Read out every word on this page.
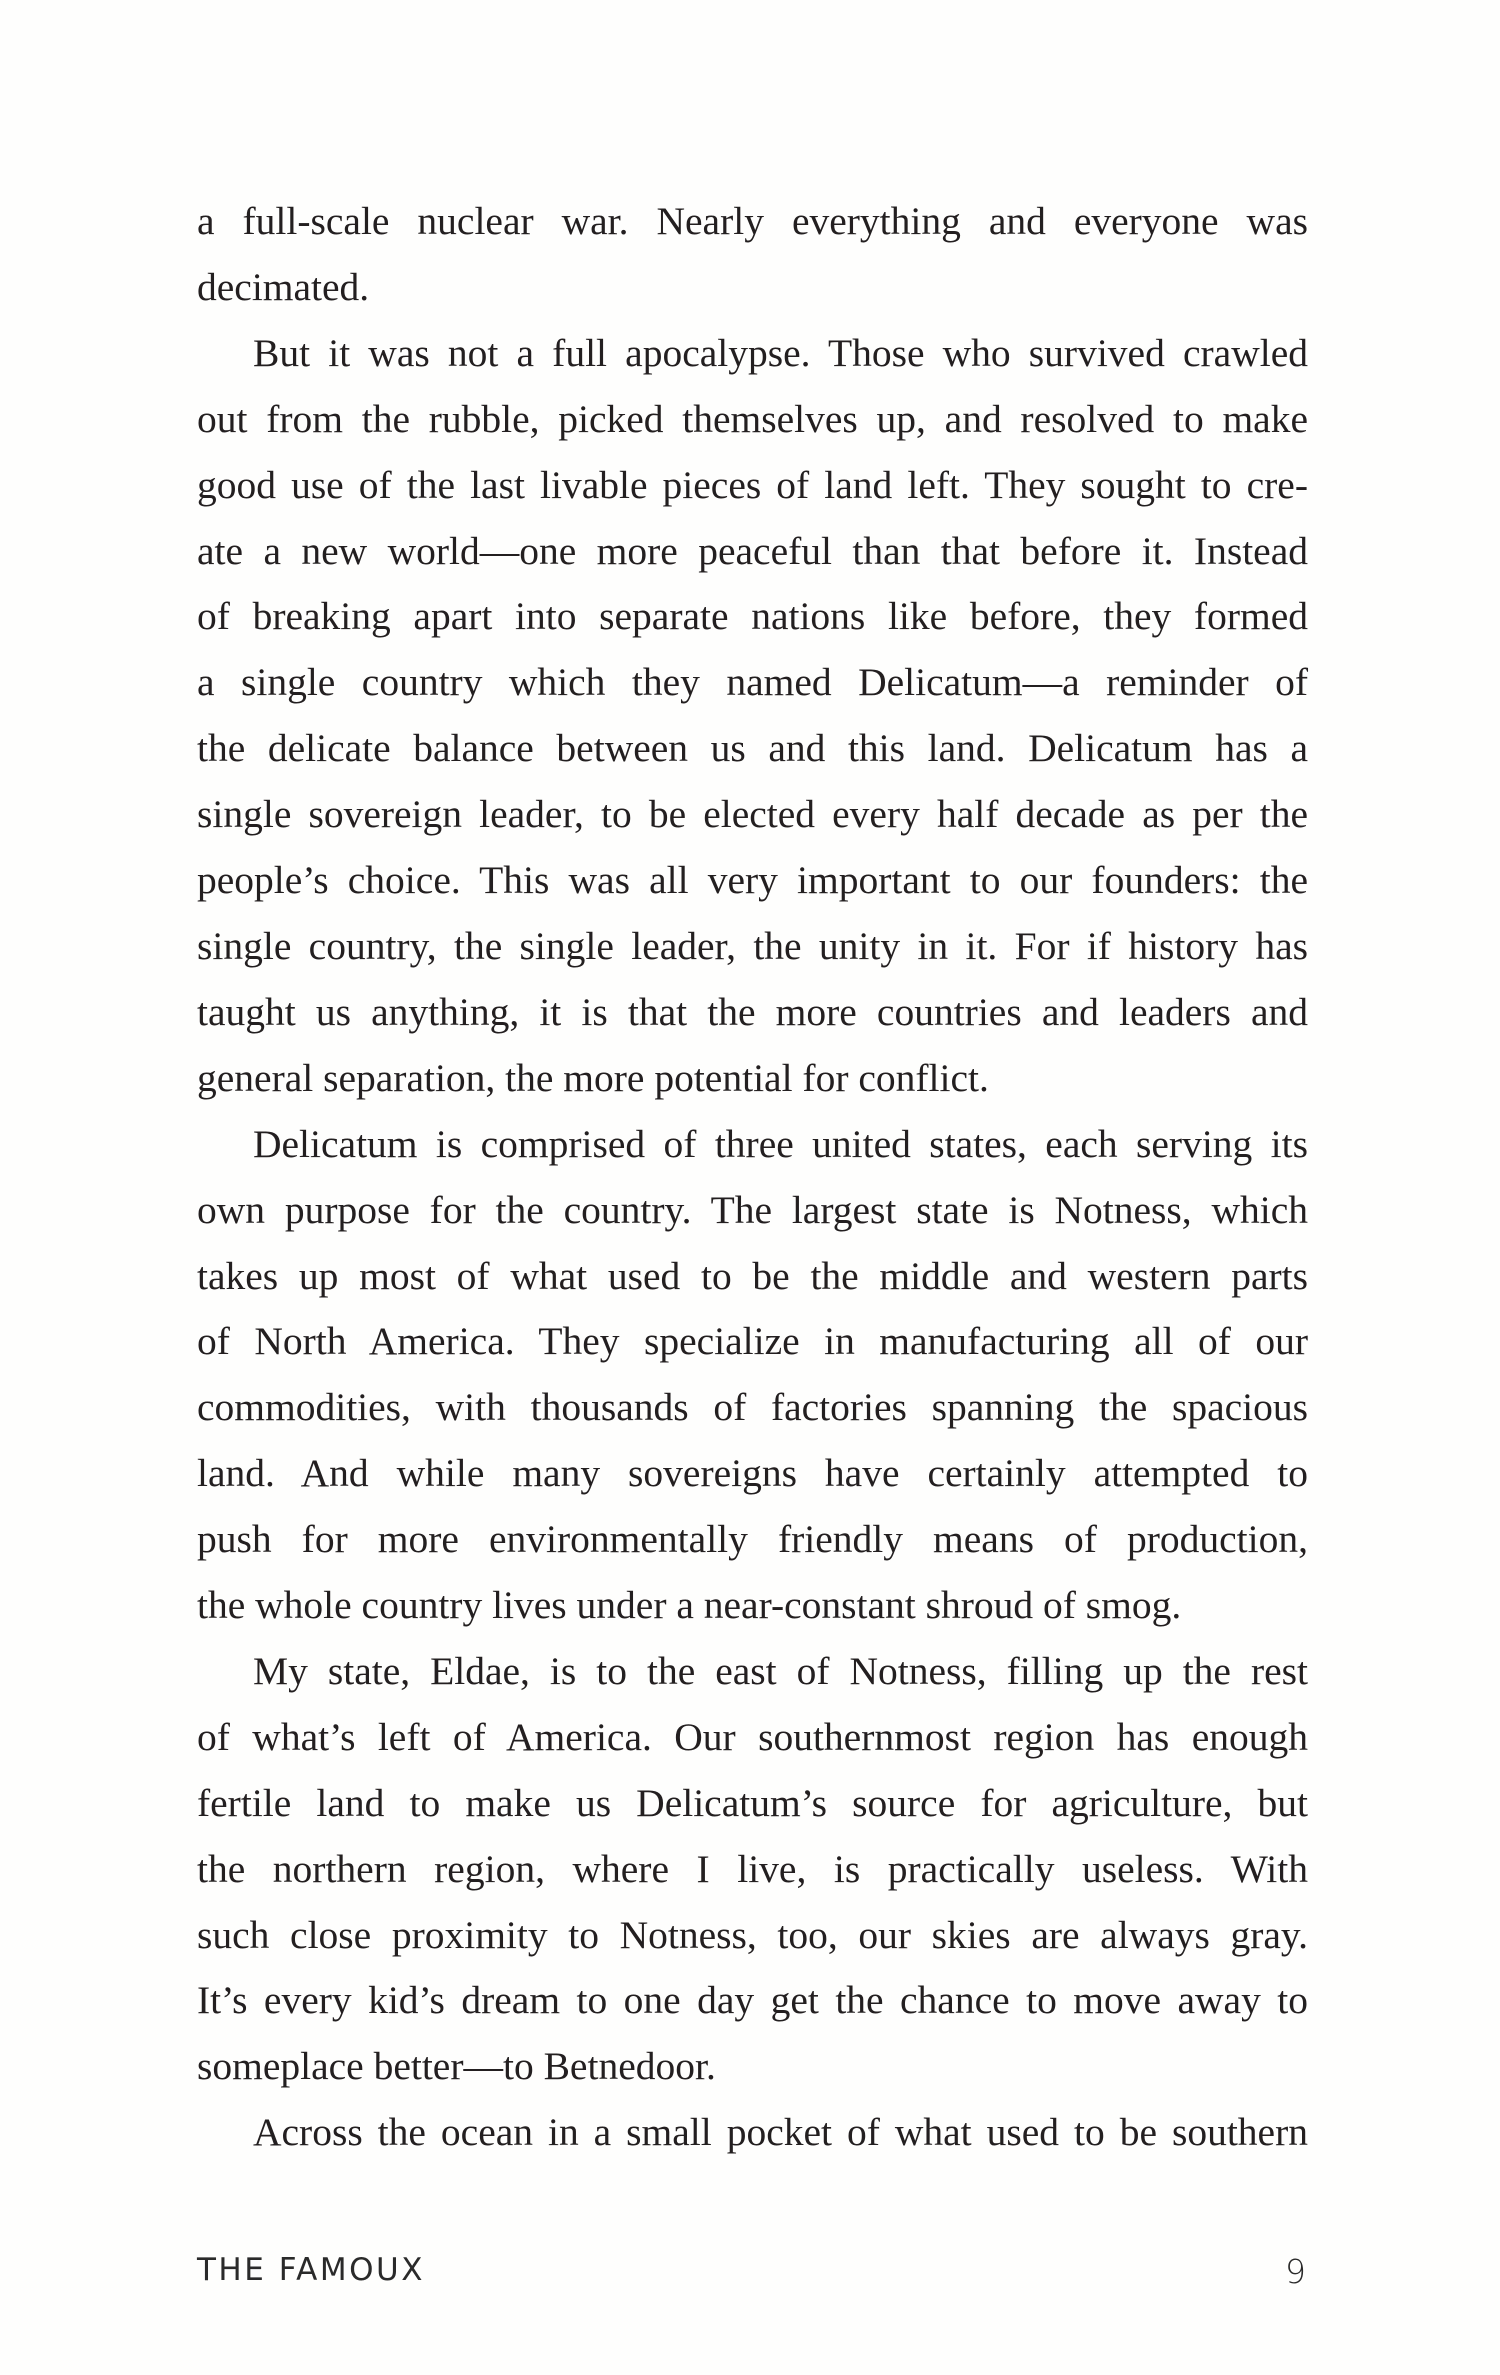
a full-scale nuclear war. Nearly everything and everyone was
decimated.

But it was not a full apocalypse. Those who survived crawled
out from the rubble, picked themselves up, and resolved to make
good use of the last livable pieces of land left. They sought to cre-
ate a new world—one more peaceful than that before it. Instead
of breaking apart into separate nations like before, they formed
a single country which they named Delicatum—a reminder of
the delicate balance between us and this land. Delicatum has a
single sovereign leader, to be elected every half decade as per the
people’s choice. This was all very important to our founders: the
single country, the single leader, the unity in it. For if history has
taught us anything, it is that the more countries and leaders and
general separation, the more potential for conflict.

Delicatum is comprised of three united states, each serving its
own purpose for the country. The largest state is Notness, which
takes up most of what used to be the middle and western parts
of North America. They specialize in manufacturing all of our
commodities, with thousands of factories spanning the spacious
land. And while many sovereigns have certainly attempted to
push for more environmentally friendly means of production,
the whole country lives under a near-constant shroud of smog.

My state, Eldae, is to the east of Notness, filling up the rest
of what’s left of America. Our southernmost region has enough
fertile land to make us Delicatum’s source for agriculture, but
the northern region, where I live, is practically useless. With
such close proximity to Notness, too, our skies are always gray.
It’s every kid’s dream to one day get the chance to move away to
someplace better—to Betnedoor.

Across the ocean in a small pocket of what used to be southern

THE FAMOUX	9
